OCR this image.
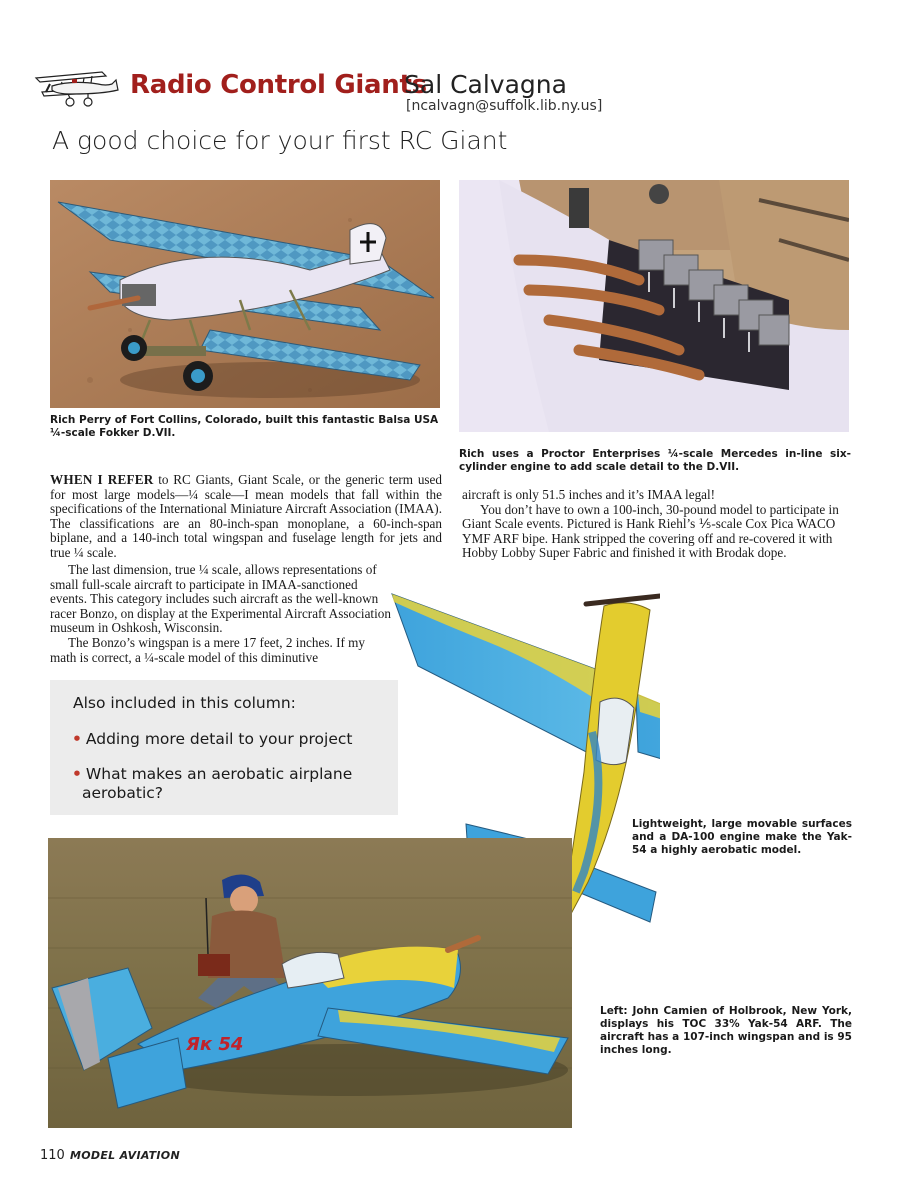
Radio Control Giants
Sal Calvagna
[ncalvagn@suffolk.lib.ny.us]
A good choice for your first RC Giant
Rich Perry of Fort Collins, Colorado, built this fantastic Balsa USA ¼-scale Fokker D.VII.
Rich uses a Proctor Enterprises ¼-scale Mercedes in-line six-cylinder engine to add scale detail to the D.VII.

WHEN I REFER to RC Giants, Giant Scale, or the generic term used for most large models—¼ scale—I mean models that fall within the specifications of the International Miniature Aircraft Association (IMAA). The classifications are an 80-inch-span monoplane, a 60-inch-span biplane, and a 140-inch total wingspan and fuselage length for jets and true ¼ scale.

The last dimension, true ¼ scale, allows representations of small full-scale aircraft to participate in IMAA-sanctioned events. This category includes such aircraft as the well-known racer Bonzo, on display at the Experimental Aircraft Association museum in Oshkosh, Wisconsin.

The Bonzo’s wingspan is a mere 17 feet, 2 inches. If my math is correct, a ¼-scale model of this diminutive

aircraft is only 51.5 inches and it’s IMAA legal!

You don’t have to own a 100-inch, 30-pound model to participate in Giant Scale events. Pictured is Hank Riehl’s ⅕-scale Cox Pica WACO YMF ARF bipe. Hank stripped the covering off and re-covered it with Hobby Lobby Super Fabric and finished it with Brodak dope.

Also included in this column:
• Adding more detail to your project
• What makes an aerobatic airplane
aerobatic?
Lightweight, large movable surfaces and a DA-100 engine make the Yak-54 a highly aerobatic model.
Як 54
Left: John Camien of Holbrook, New York, displays his TOC 33% Yak-54 ARF. The aircraft has a 107-inch wingspan and is 95 inches long.
110 MODEL AVIATION
